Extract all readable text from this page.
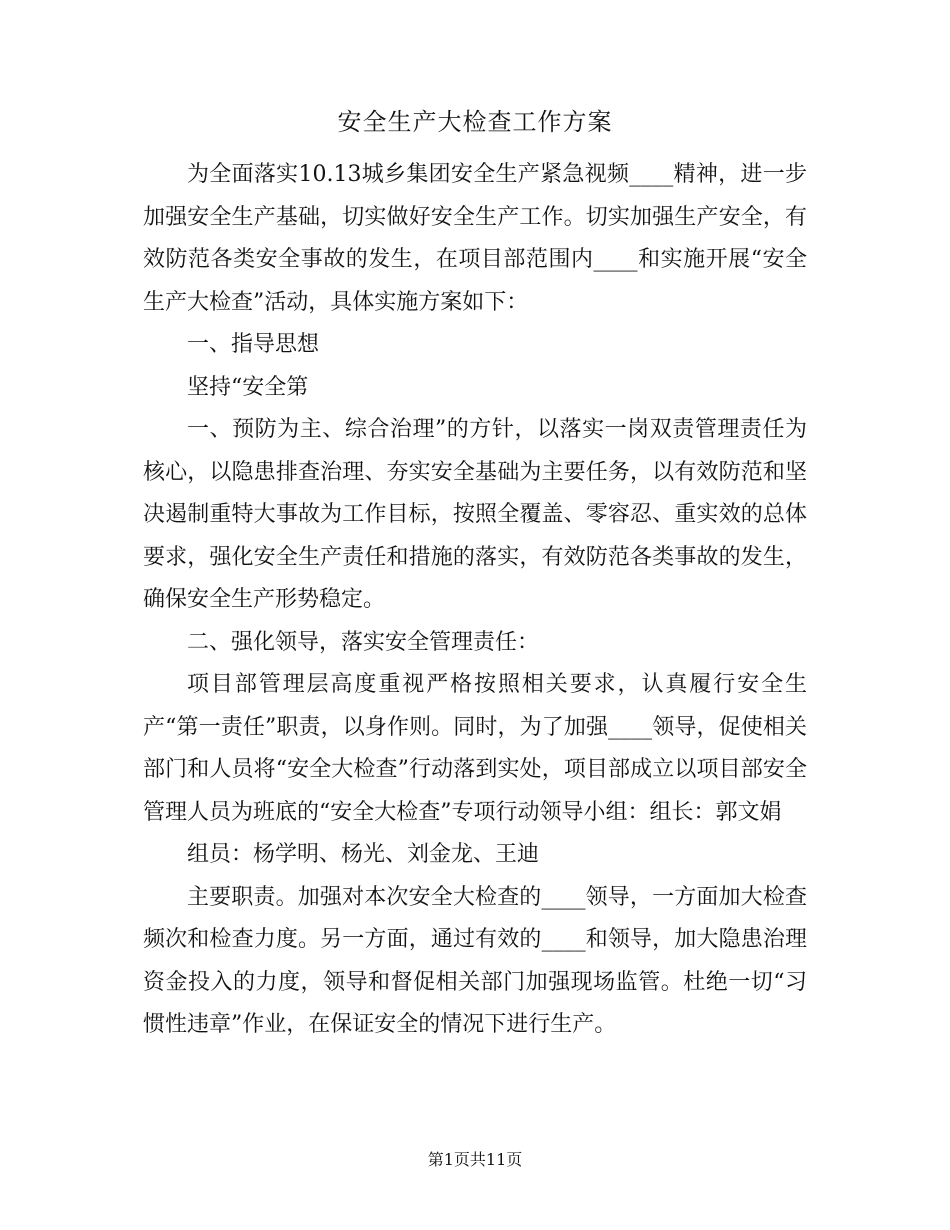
安全生产大检查工作方案

为全面落实10.13城乡集团安全生产紧急视频____精神，进一步加强安全生产基础，切实做好安全生产工作。切实加强生产安全，有效防范各类安全事故的发生，在项目部范围内____和实施开展“安全生产大检查”活动，具体实施方案如下：

一、指导思想

坚持“安全第

一、预防为主、综合治理”的方针，以落实一岗双责管理责任为核心，以隐患排查治理、夯实安全基础为主要任务，以有效防范和坚决遏制重特大事故为工作目标，按照全覆盖、零容忍、重实效的总体要求，强化安全生产责任和措施的落实，有效防范各类事故的发生，确保安全生产形势稳定。

二、强化领导，落实安全管理责任：

项目部管理层高度重视严格按照相关要求，认真履行安全生产“第一责任”职责，以身作则。同时，为了加强____领导，促使相关部门和人员将“安全大检查”行动落到实处，项目部成立以项目部安全管理人员为班底的“安全大检查”专项行动领导小组：组长：郭文娟

组员：杨学明、杨光、刘金龙、王迪

主要职责。加强对本次安全大检查的____领导，一方面加大检查频次和检查力度。另一方面，通过有效的____和领导，加大隐患治理资金投入的力度，领导和督促相关部门加强现场监管。杜绝一切“习惯性违章”作业，在保证安全的情况下进行生产。

第1页共11页
